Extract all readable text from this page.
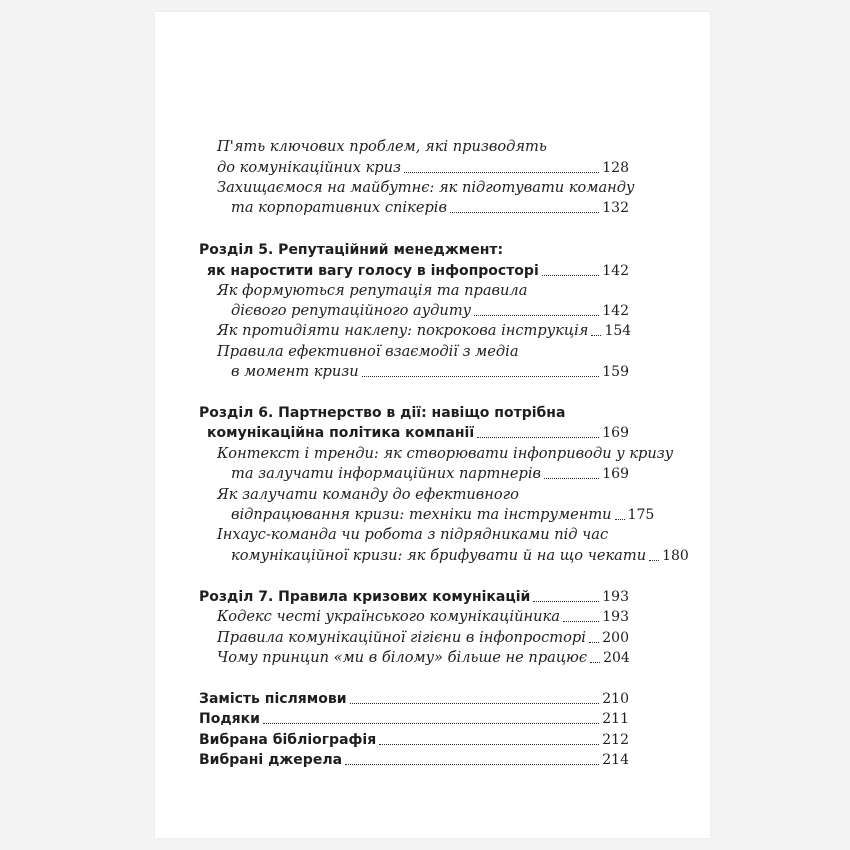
П'ять ключових проблем, які призводять
до комунікаційних криз	128
Захищаємося на майбутнє: як підготувати команду
та корпоративних спікерів	132
Розділ 5. Репутаційний менеджмент:
як наростити вагу голосу в інфопросторі	142
Як формуються репутація та правила
дієвого репутаційного аудиту	142
Як протидіяти наклепу: покрокова інструкція 154
Правила ефективної взаємодії з медіа
в момент кризи	159
Розділ 6. Партнерство в дії: навіщо потрібна
комунікаційна політика компанії	169
Контекст і тренди: як створювати інфоприводи у кризу
та залучати інформаційних партнерів	169
Як залучати команду до ефективного
відпрацювання кризи: техніки та інструменти 175
Інхаус-команда чи робота з підрядниками під час
комунікаційної кризи: як брифувати й на що чекати 180
Розділ 7. Правила кризових комунікацій	193
Кодекс честі українського комунікаційника	193
Правила комунікаційної гігієни в інфопросторі 200
Чому принцип «ми в білому» більше не працює 204
Замість післямови	210
Подяки	211
Вибрана бібліографія	212
Вибрані джерела	214
